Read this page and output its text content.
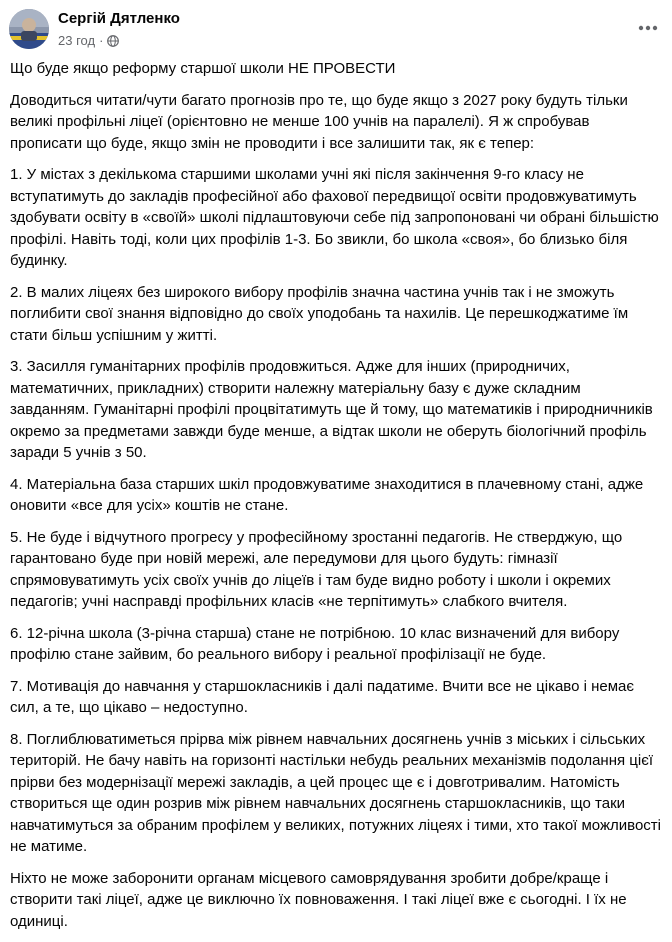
Сергій Дятленко
23 год ·

Що буде якщо реформу старшої школи НЕ ПРОВЕСТИ

Доводиться читати/чути багато прогнозів про те, що буде якщо з 2027 року будуть тільки великі профільні ліцеї (орієнтовно не менше 100 учнів на паралелі). Я ж спробував прописати що буде, якщо змін не проводити і все залишити так, як є тепер:

1. У містах з декількома старшими школами учні які після закінчення 9-го класу не вступатимуть до закладів професійної або фахової передвищої освіти продовжуватимуть здобувати освіту в «своїй» школі підлаштовуючи себе під запропоновані чи обрані більшістю профілі. Навіть тоді, коли цих профілів 1-3. Бо звикли, бо школа «своя», бо близько біля будинку.

2. В малих ліцеях без широкого вибору профілів значна частина учнів так і не зможуть поглибити свої знання відповідно до своїх уподобань та нахилів. Це перешкоджатиме їм стати більш успішним у житті.

3. Засилля гуманітарних профілів продовжиться. Адже для інших (природничих, математичних, прикладних) створити належну матеріальну базу є дуже складним завданням. Гуманітарні профілі процвітатимуть ще й тому, що математиків і природничників окремо за предметами завжди буде менше, а відтак школи не оберуть біологічний профіль заради 5 учнів з 50.

4. Матеріальна база старших шкіл продовжуватиме знаходитися в плачевному стані, адже оновити «все для усіх» коштів не стане.

5. Не буде і відчутного прогресу у професійному зростанні педагогів. Не стверджую, що гарантовано буде при новій мережі, але передумови для цього будуть: гімназії спрямовуватимуть усіх своїх учнів до ліцеїв і там буде видно роботу і школи і окремих педагогів; учні насправді профільних класів «не терпітимуть» слабкого вчителя.

6. 12-річна школа (3-річна старша) стане не потрібною. 10 клас визначений для вибору профілю стане зайвим, бо реального вибору і реальної профілізації не буде.

7. Мотивація до навчання у старшокласників і далі падатиме. Вчити все не цікаво і немає сил, а те, що цікаво – недоступно.

8. Поглиблюватиметься прірва між рівнем навчальних досягнень учнів з міських і сільських територій. Не бачу навіть на горизонті настільки небудь реальних механізмів подолання цієї прірви без модернізації мережі закладів, а цей процес ще є і довготривалим. Натомість створиться ще один розрив між рівнем навчальних досягнень старшокласників, що таки навчатимуться за обраним профілем у великих, потужних ліцеях і тими, хто такої можливості не матиме.

Ніхто не може заборонити органам місцевого самоврядування зробити добре/краще і створити такі ліцеї, адже це виключно їх повноваження. І такі ліцеї вже є сьогодні. І їх не одиниці.
